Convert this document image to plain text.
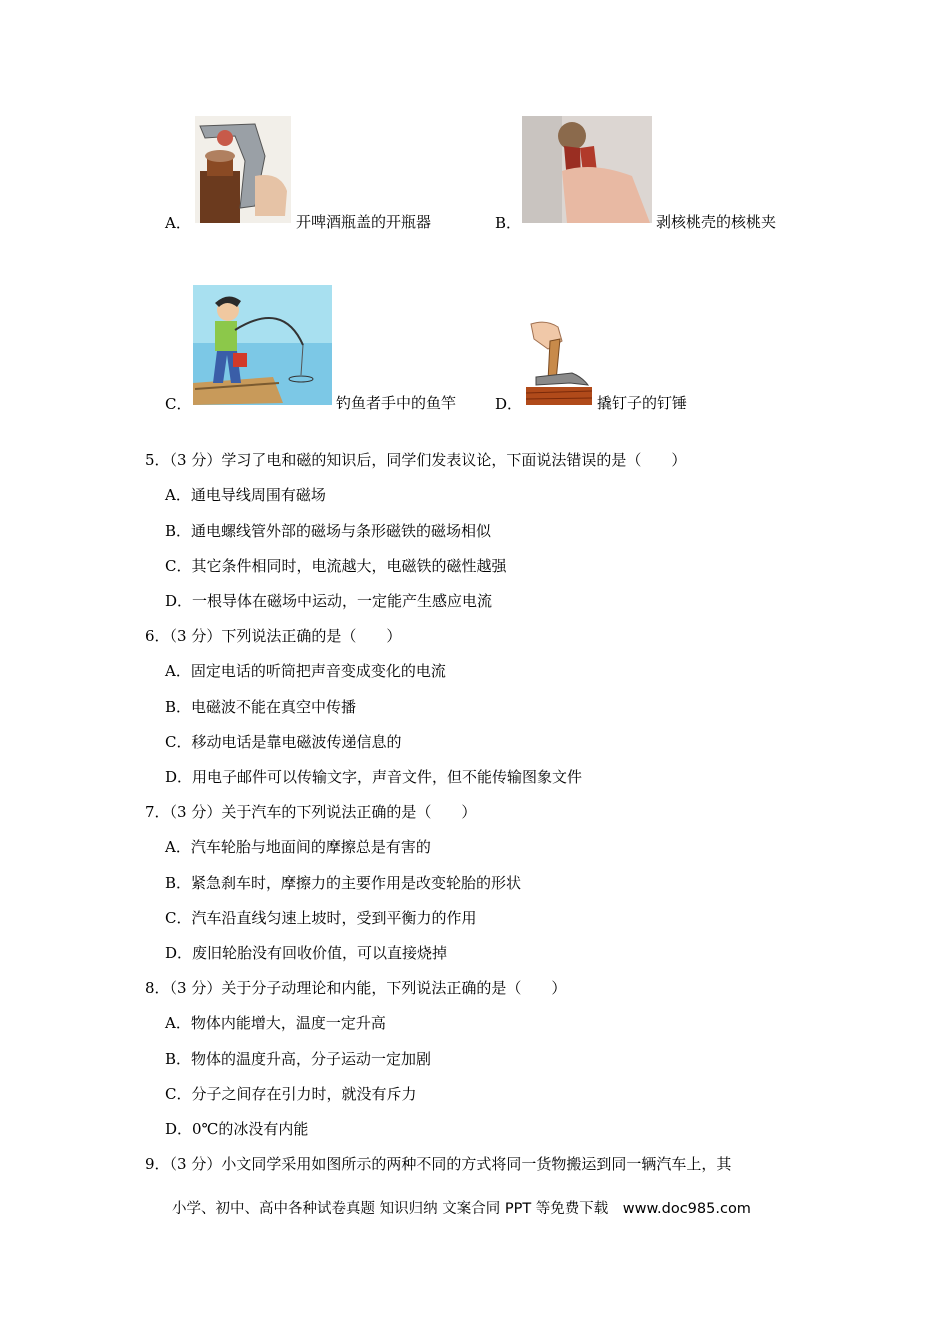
A．	开啤酒瓶盖的开瓶器	B．	剥核桃壳的核桃夹
C．	钓鱼者手中的鱼竿	D．	撬钉子的钉锤
5．（3 分）学习了电和磁的知识后，同学们发表议论，下面说法错误的是（　　）
A．通电导线周围有磁场
B．通电螺线管外部的磁场与条形磁铁的磁场相似
C．其它条件相同时，电流越大，电磁铁的磁性越强
D．一根导体在磁场中运动，一定能产生感应电流
6．（3 分）下列说法正确的是（　　）
A．固定电话的听筒把声音变成变化的电流
B．电磁波不能在真空中传播
C．移动电话是靠电磁波传递信息的
D．用电子邮件可以传输文字，声音文件，但不能传输图象文件
7．（3 分）关于汽车的下列说法正确的是（　　）
A．汽车轮胎与地面间的摩擦总是有害的
B．紧急刹车时，摩擦力的主要作用是改变轮胎的形状
C．汽车沿直线匀速上坡时，受到平衡力的作用
D．废旧轮胎没有回收价值，可以直接烧掉
8．（3 分）关于分子动理论和内能，下列说法正确的是（　　）
A．物体内能增大，温度一定升高
B．物体的温度升高，分子运动一定加剧
C．分子之间存在引力时，就没有斥力
D．0℃的冰没有内能
9．（3 分）小文同学采用如图所示的两种不同的方式将同一货物搬运到同一辆汽车上，其
小学、初中、高中各种试卷真题 知识归纳 文案合同 PPT 等免费下载　www.doc985.com
